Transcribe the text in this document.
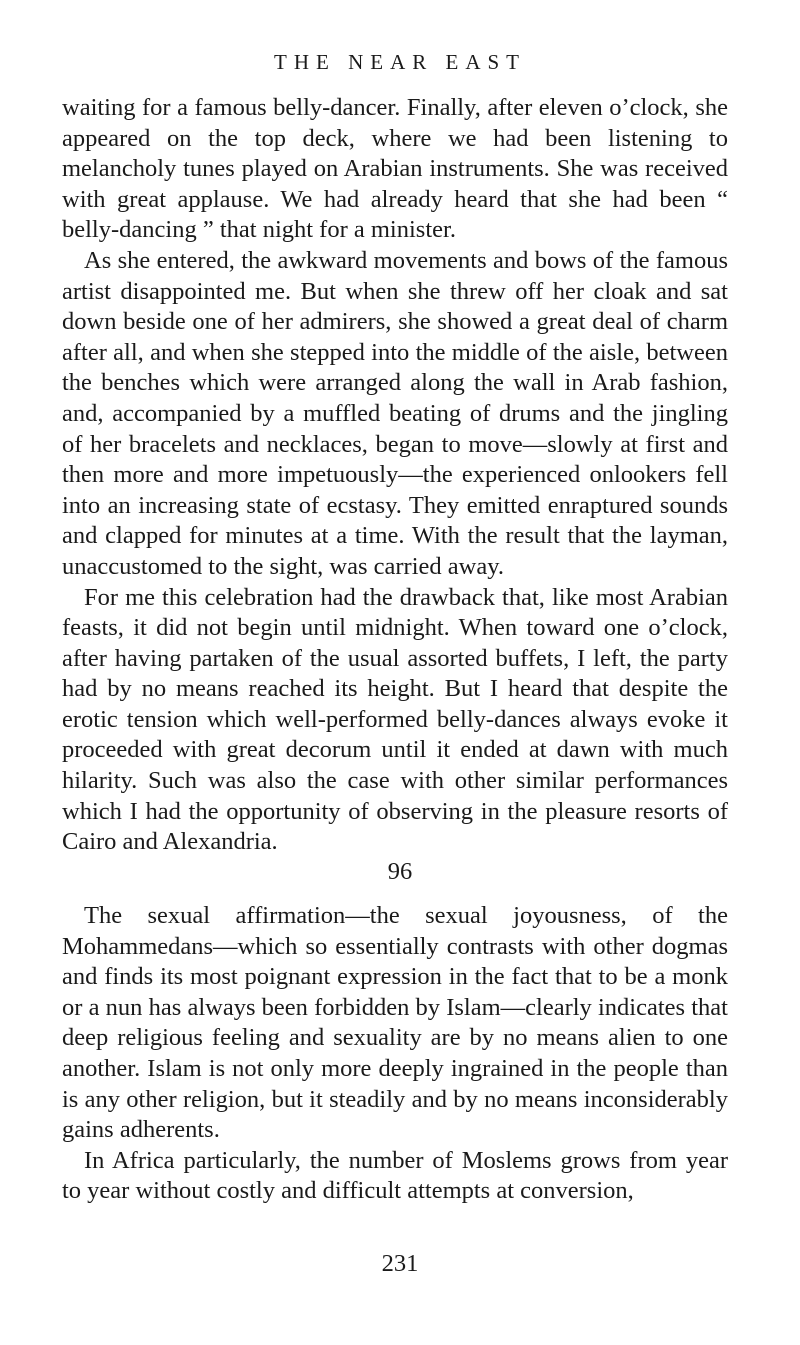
THE NEAR EAST

waiting for a famous belly-dancer. Finally, after eleven o’clock, she appeared on the top deck, where we had been listening to melancholy tunes played on Arabian instruments. She was received with great applause. We had already heard that she had been “ belly-dancing ” that night for a minister.

As she entered, the awkward movements and bows of the famous artist disappointed me. But when she threw off her cloak and sat down beside one of her admirers, she showed a great deal of charm after all, and when she stepped into the middle of the aisle, between the benches which were arranged along the wall in Arab fashion, and, accompanied by a muffled beating of drums and the jingling of her bracelets and necklaces, began to move—slowly at first and then more and more impetuously—the experienced onlookers fell into an increasing state of ecstasy. They emitted enraptured sounds and clapped for minutes at a time. With the result that the layman, unaccustomed to the sight, was carried away.

For me this celebration had the drawback that, like most Arabian feasts, it did not begin until midnight. When toward one o’clock, after having partaken of the usual assorted buffets, I left, the party had by no means reached its height. But I heard that despite the erotic tension which well-performed belly-dances always evoke it proceeded with great decorum until it ended at dawn with much hilarity. Such was also the case with other similar performances which I had the opportunity of observing in the pleasure resorts of Cairo and Alexandria.

96

The sexual affirmation—the sexual joyousness, of the Mohammedans—which so essentially contrasts with other dogmas and finds its most poignant expression in the fact that to be a monk or a nun has always been forbidden by Islam—clearly indicates that deep religious feeling and sexuality are by no means alien to one another. Islam is not only more deeply ingrained in the people than is any other religion, but it steadily and by no means inconsiderably gains adherents.

In Africa particularly, the number of Moslems grows from year to year without costly and difficult attempts at conversion,

231
